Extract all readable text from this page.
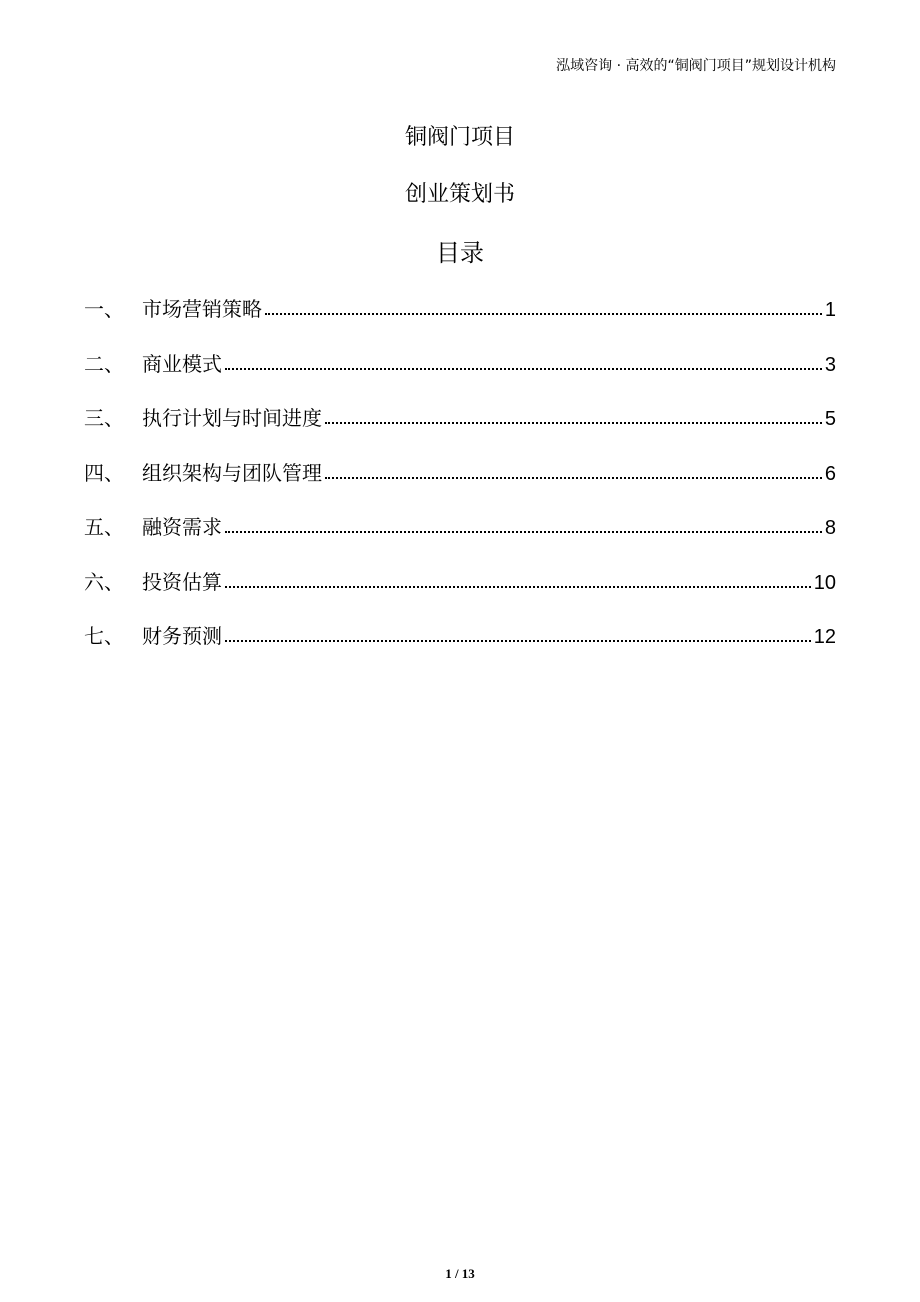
泓域咨询 · 高效的“铜阀门项目”规划设计机构
铜阀门项目
创业策划书
目录
一、 市场营销策略	1
二、 商业模式	3
三、 执行计划与时间进度	5
四、 组织架构与团队管理	6
五、 融资需求	8
六、 投资估算	10
七、 财务预测	12
1 / 13
